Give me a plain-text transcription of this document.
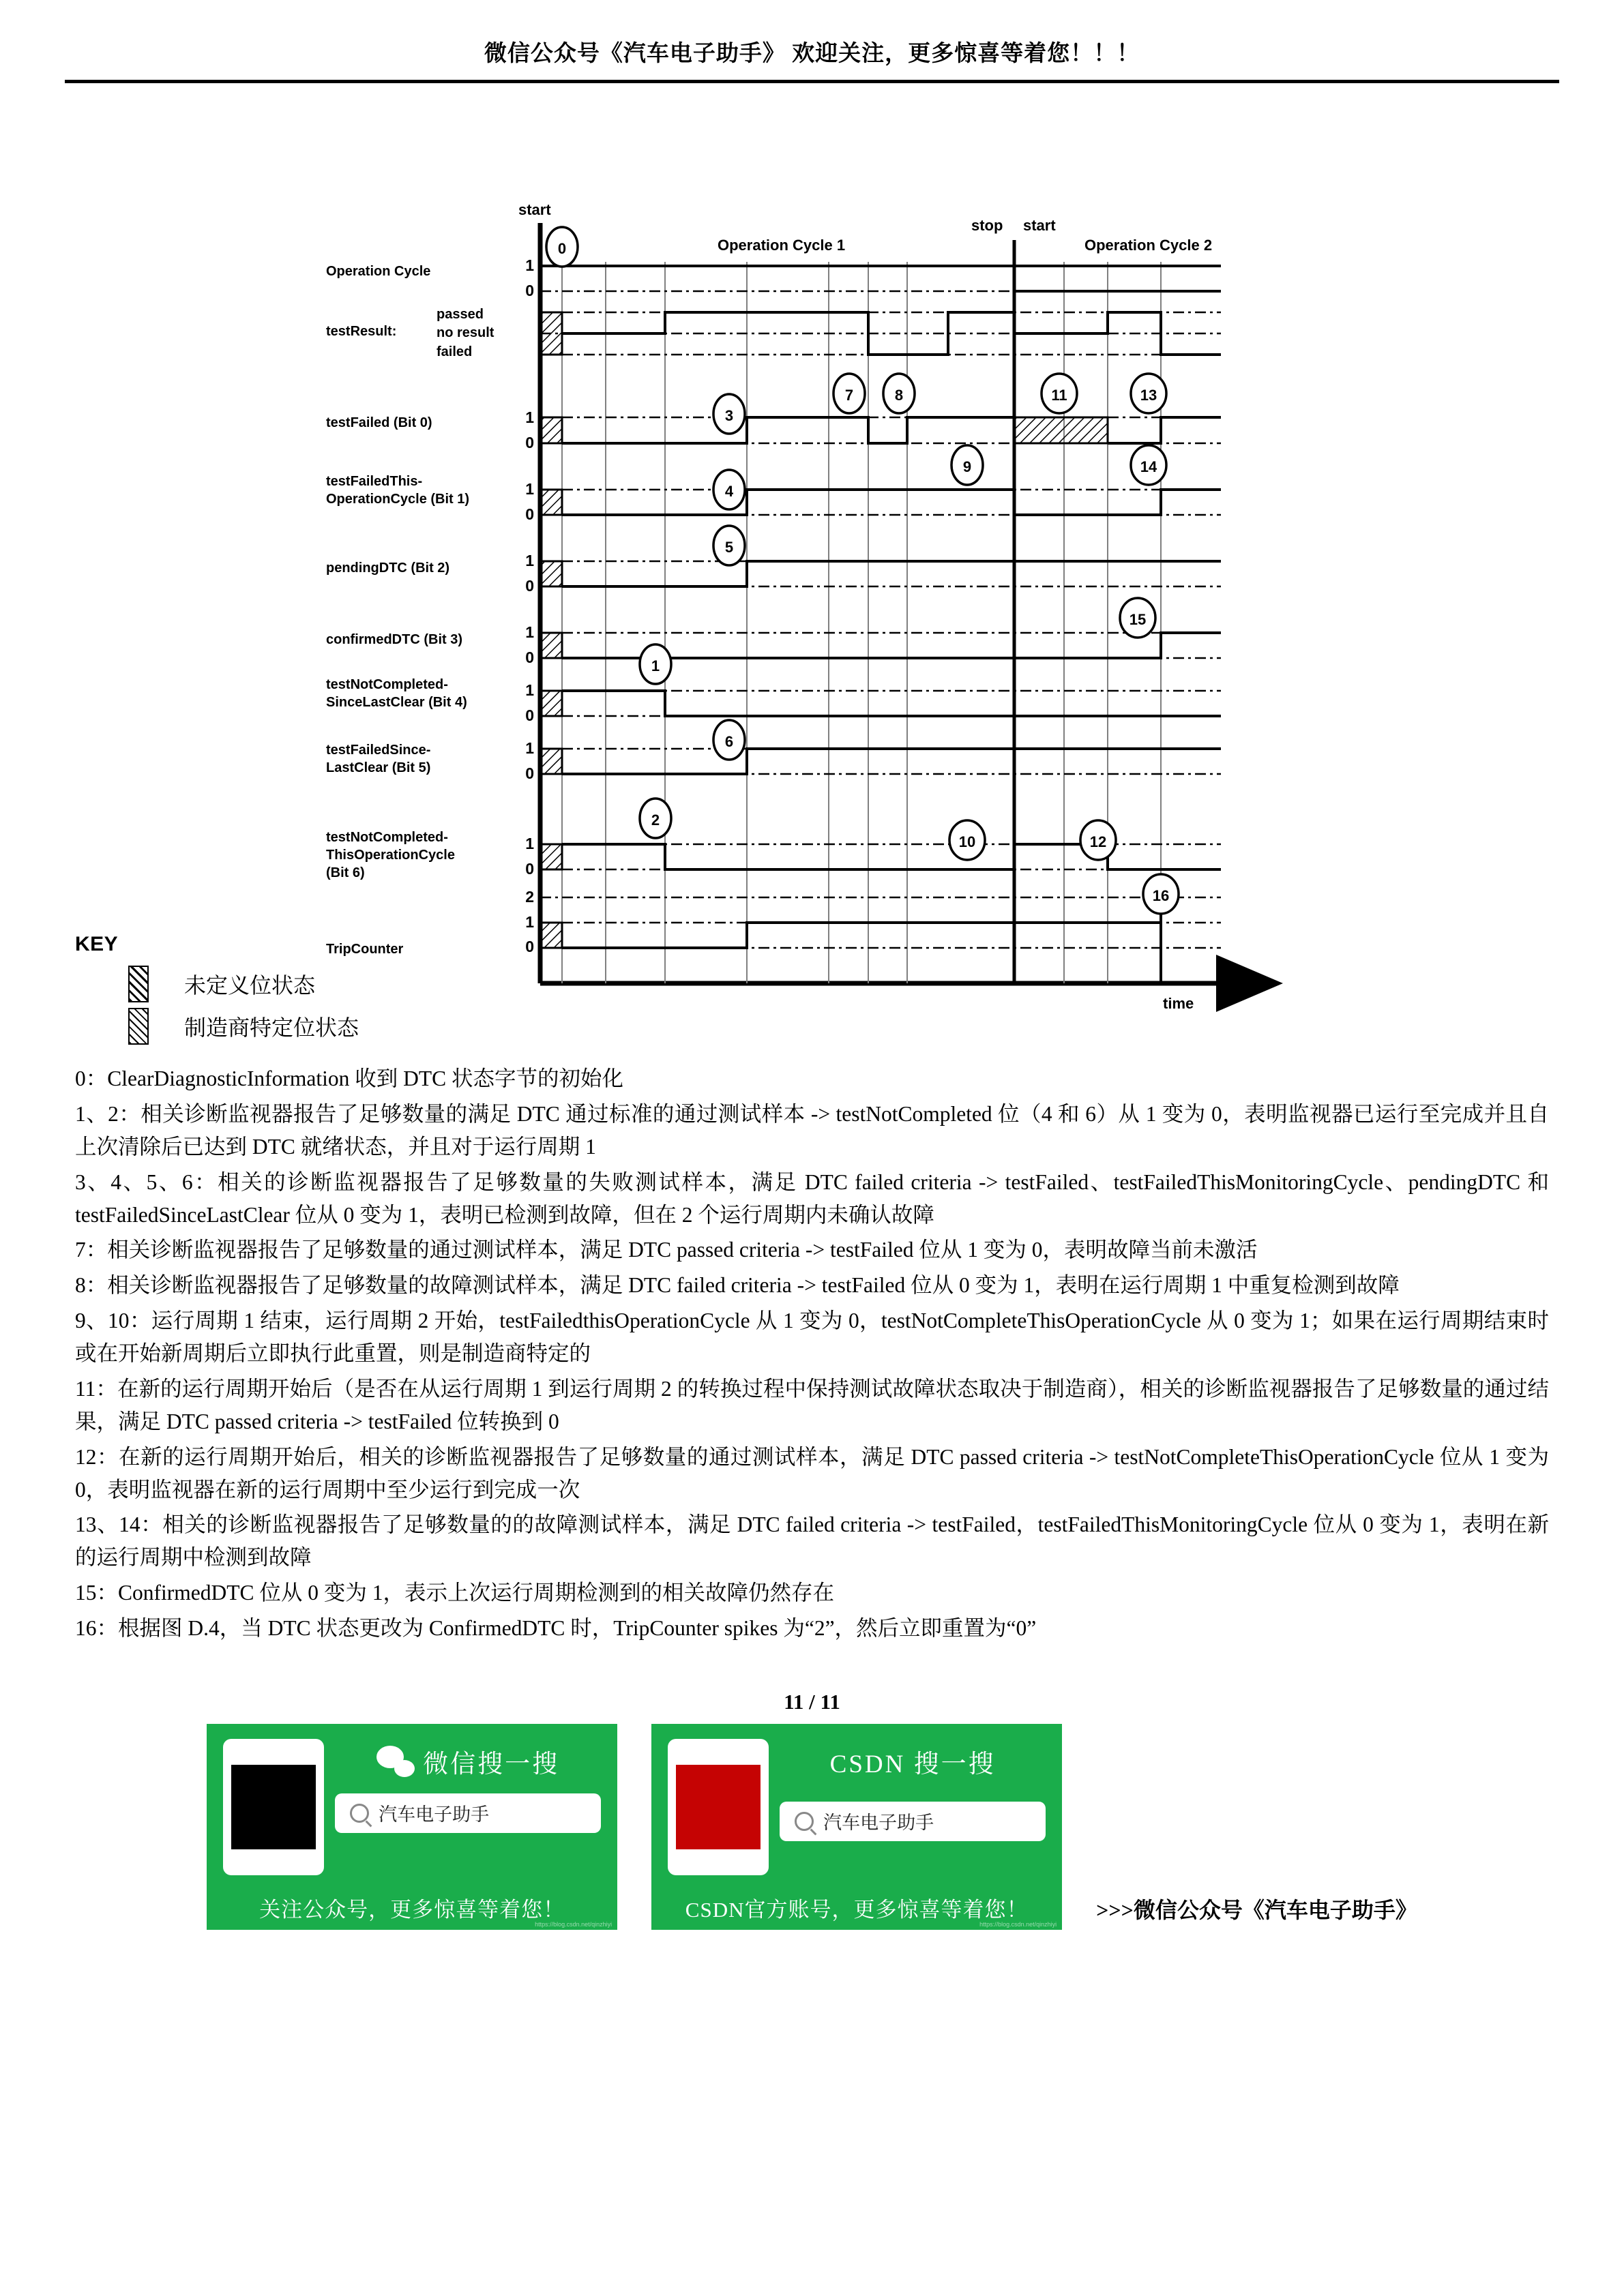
微信公众号《汽车电子助手》 欢迎关注，更多惊喜等着您！！！
Operation Cycle
testResult:
passed
no result
failed
testFailed (Bit 0)
testFailedThis-
OperationCycle (Bit 1)
pendingDTC (Bit 2)
confirmedDTC (Bit 3)
testNotCompleted-
SinceLastClear (Bit 4)
testFailedSince-
LastClear (Bit 5)
testNotCompleted-
ThisOperationCycle
(Bit 6)
TripCounter
1
0
1
0
1
0
1
0
1
0
1
0
1
0
1
0
2
1
0
start
stop start
Operation Cycle 1	Operation Cycle 2
time
0
1
2
3
4
5
6
7	8
9
10
11
12
13
14
15
16
KEY
未定义位状态
制造商特定位状态

0：ClearDiagnosticInformation 收到 DTC 状态字节的初始化

1、2：相关诊断监视器报告了足够数量的满足 DTC 通过标准的通过测试样本 -> testNotCompleted 位（4 和 6）从 1 变为 0，表明监视器已运行至完成并且自上次清除后已达到 DTC 就绪状态，并且对于运行周期 1

3、4、5、6：相关的诊断监视器报告了足够数量的失败测试样本，满足 DTC failed criteria -> testFailed、testFailedThisMonitoringCycle、pendingDTC 和 testFailedSinceLastClear 位从 0 变为 1，表明已检测到故障，但在 2 个运行周期内未确认故障

7：相关诊断监视器报告了足够数量的通过测试样本，满足 DTC passed criteria -> testFailed 位从 1 变为 0，表明故障当前未激活

8：相关诊断监视器报告了足够数量的故障测试样本，满足 DTC failed criteria -> testFailed 位从 0 变为 1，表明在运行周期 1 中重复检测到故障

9、10：运行周期 1 结束，运行周期 2 开始，testFailedthisOperationCycle 从 1 变为 0，testNotCompleteThisOperationCycle 从 0 变为 1；如果在运行周期结束时或在开始新周期后立即执行此重置，则是制造商特定的

11：在新的运行周期开始后（是否在从运行周期 1 到运行周期 2 的转换过程中保持测试故障状态取决于制造商），相关的诊断监视器报告了足够数量的通过结果，满足 DTC passed criteria -> testFailed 位转换到 0

12：在新的运行周期开始后，相关的诊断监视器报告了足够数量的通过测试样本，满足 DTC passed criteria -> testNotCompleteThisOperationCycle 位从 1 变为 0，表明监视器在新的运行周期中至少运行到完成一次

13、14：相关的诊断监视器报告了足够数量的的故障测试样本，满足 DTC failed criteria -> testFailed，testFailedThisMonitoringCycle 位从 0 变为 1，表明在新的运行周期中检测到故障

15：ConfirmedDTC 位从 0 变为 1，表示上次运行周期检测到的相关故障仍然存在

16：根据图 D.4，当 DTC 状态更改为 ConfirmedDTC 时，TripCounter spikes 为“2”，然后立即重置为“0”

11 / 11
微信搜一搜
汽车电子助手
关注公众号，更多惊喜等着您！
https://blog.csdn.net/qinzhiyi
CSDN 搜一搜
汽车电子助手
CSDN官方账号，更多惊喜等着您！
https://blog.csdn.net/qinzhiyi
>>>微信公众号《汽车电子助手》
